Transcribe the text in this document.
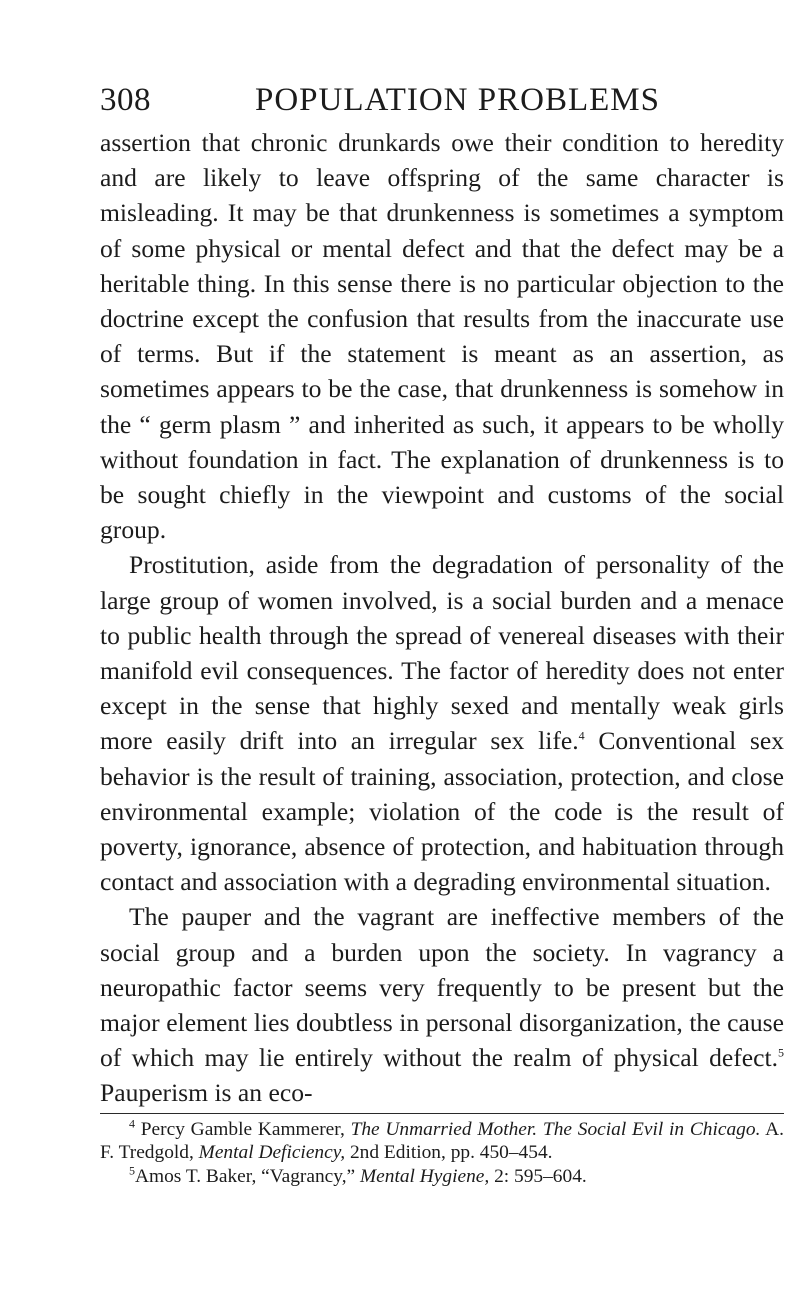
308	POPULATION PROBLEMS

assertion that chronic drunkards owe their condition to heredity and are likely to leave offspring of the same character is misleading. It may be that drunkenness is sometimes a symptom of some physical or mental defect and that the defect may be a heritable thing. In this sense there is no particular objection to the doctrine except the confusion that results from the inaccurate use of terms. But if the statement is meant as an assertion, as sometimes appears to be the case, that drunkenness is somehow in the “ germ plasm ” and inherited as such, it appears to be wholly without foundation in fact. The explanation of drunkenness is to be sought chiefly in the viewpoint and customs of the social group.

Prostitution, aside from the degradation of personality of the large group of women involved, is a social burden and a menace to public health through the spread of venereal diseases with their manifold evil consequences. The factor of heredity does not enter except in the sense that highly sexed and mentally weak girls more easily drift into an irregular sex life.$^4$ Conventional sex behavior is the result of training, association, protection, and close environmental example; violation of the code is the result of poverty, ignorance, absence of protection, and habituation through contact and association with a degrading environmental situation.

The pauper and the vagrant are ineffective members of the social group and a burden upon the society. In vagrancy a neuropathic factor seems very frequently to be present but the major element lies doubtless in personal disorganization, the cause of which may lie entirely without the realm of physical defect.$^5$ Pauperism is an eco-

$^4$ Percy Gamble Kammerer, The Unmarried Mother. The Social Evil in Chicago. A. F. Tredgold, Mental Deficiency, 2nd Edition, pp. 450–454.

$^5$Amos T. Baker, “Vagrancy,” Mental Hygiene, 2: 595–604.
